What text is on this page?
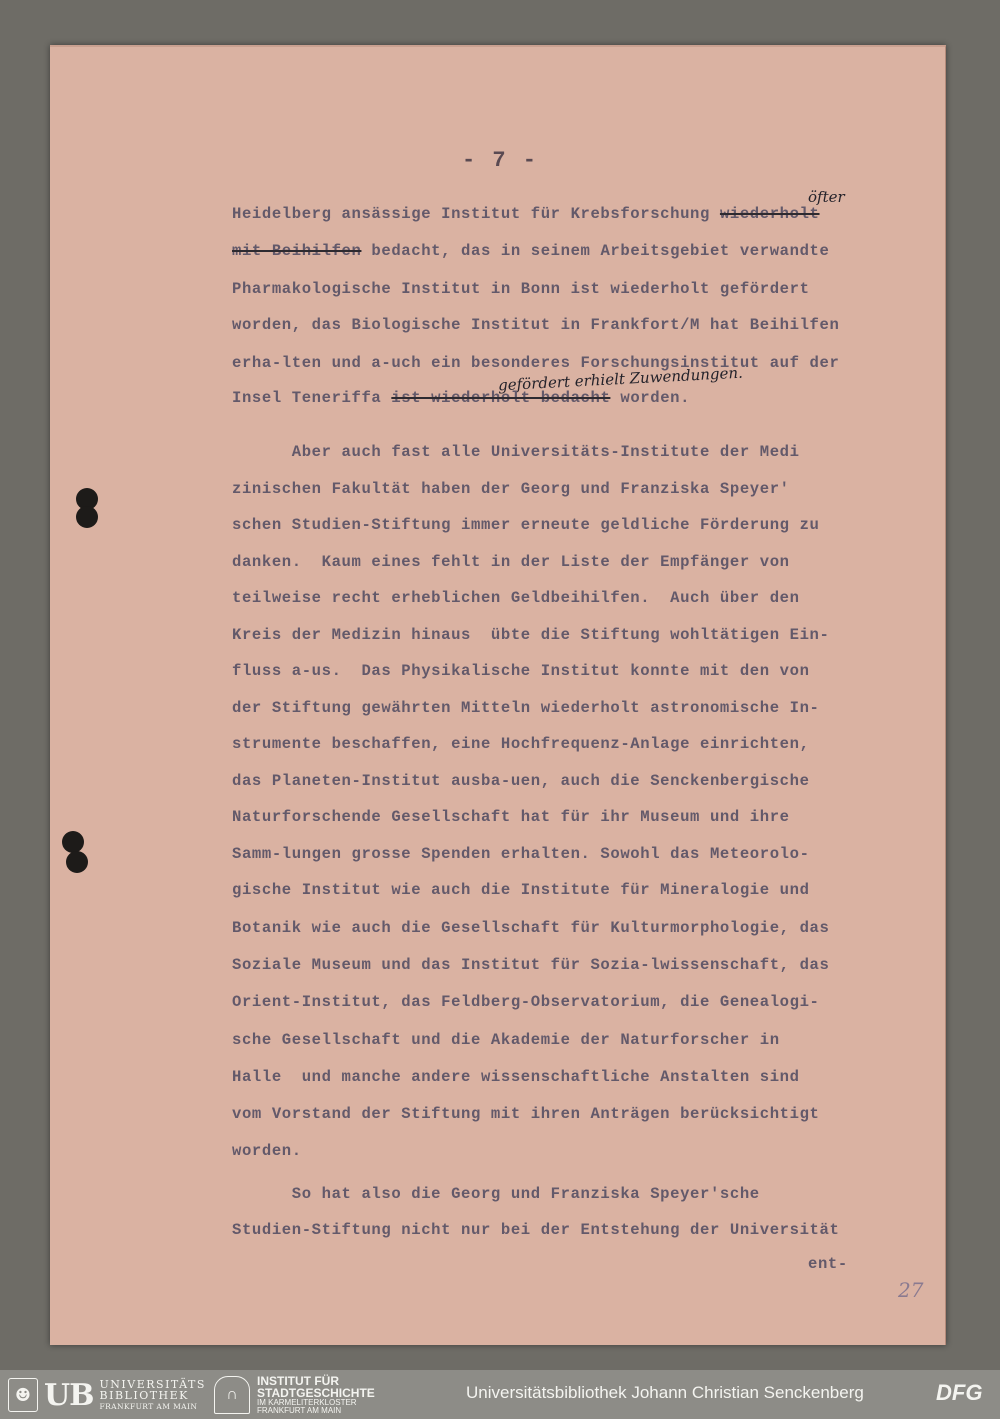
- 7 -
öfter
gefördert erhielt Zuwendungen.
Heidelberg ansässige Institut für Krebsforschung wiederholt
mit Beihilfen bedacht, das in seinem Arbeitsgebiet verwandte
Pharmakologische Institut in Bonn ist wiederholt gefördert
worden, das Biologische Institut in Frankfort/M hat Beihilfen
erha-lten und a-uch ein besonderes Forschungsinstitut auf der
Insel Teneriffa ist wiederholt bedacht worden.
Aber auch fast alle Universitäts-Institute der Medi
zinischen Fakultät haben der Georg und Franziska Speyer'
schen Studien-Stiftung immer erneute geldliche Förderung zu
danken.  Kaum eines fehlt in der Liste der Empfänger von
teilweise recht erheblichen Geldbeihilfen.  Auch über den
Kreis der Medizin hinaus  übte die Stiftung wohltätigen Ein-
fluss a-us.  Das Physikalische Institut konnte mit den von
der Stiftung gewährten Mitteln wiederholt astronomische In-
strumente beschaffen, eine Hochfrequenz-Anlage einrichten,
das Planeten-Institut ausba-uen, auch die Senckenbergische
Naturforschende Gesellschaft hat für ihr Museum und ihre
Samm-lungen grosse Spenden erhalten. Sowohl das Meteorolo-
gische Institut wie auch die Institute für Mineralogie und
Botanik wie auch die Gesellschaft für Kulturmorphologie, das
Soziale Museum und das Institut für Sozia-lwissenschaft, das
Orient-Institut, das Feldberg-Observatorium, die Genealogi-
sche Gesellschaft und die Akademie der Naturforscher in
Halle  und manche andere wissenschaftliche Anstalten sind
vom Vorstand der Stiftung mit ihren Anträgen berücksichtigt
worden.
So hat also die Georg und Franziska Speyer'sche
Studien-Stiftung nicht nur bei der Entstehung der Universität
ent-
27
☻ UB UNIVERSITÄTS
BIBLIOTHEK
FRANKFURT AM MAIN
∩
INSTITUT FÜR
STADTGESCHICHTE
IM KARMELITERKLOSTER
FRANKFURT AM MAIN
Universitätsbibliothek Johann Christian Senckenberg	DFG
